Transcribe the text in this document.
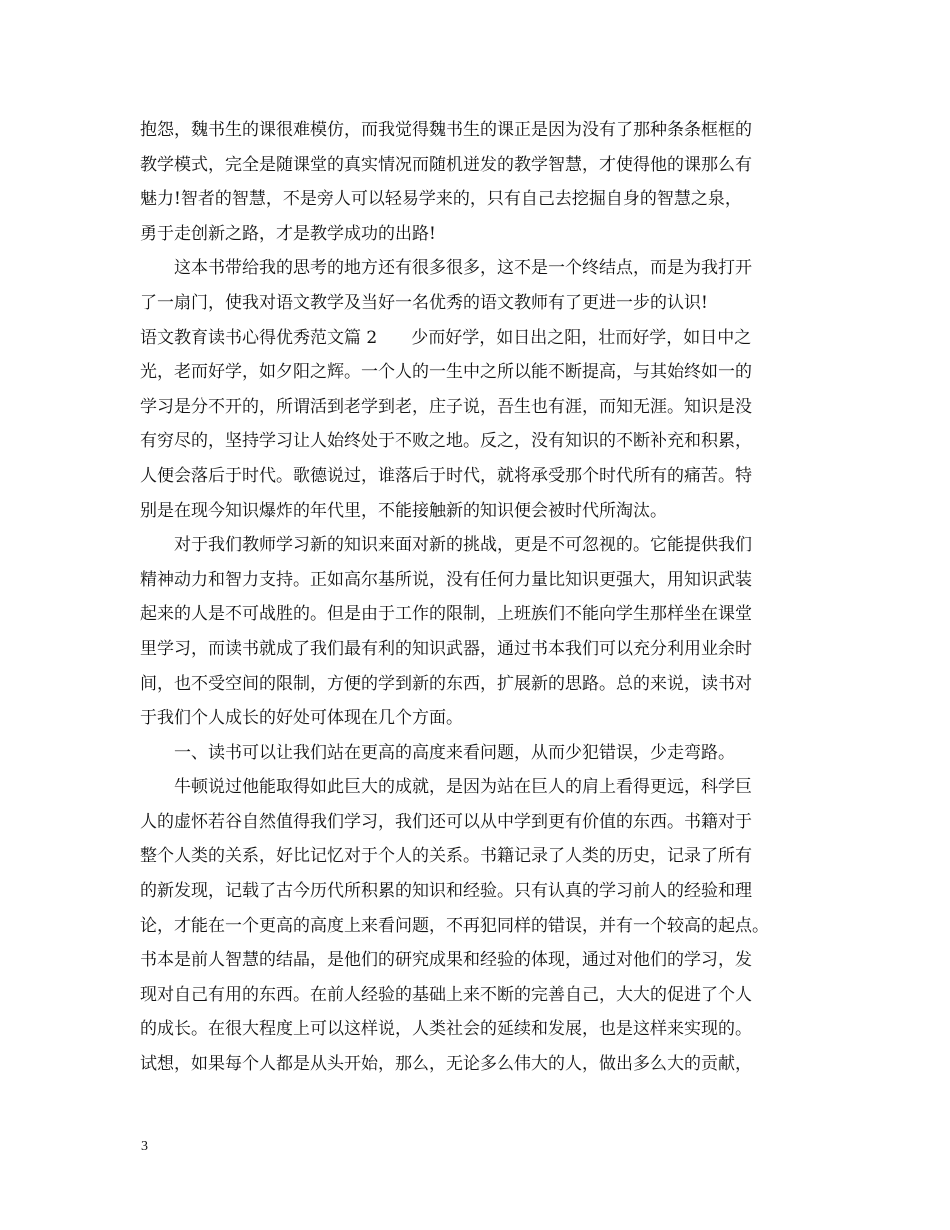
抱怨，魏书生的课很难模仿，而我觉得魏书生的课正是因为没有了那种条条框框的
教学模式，完全是随课堂的真实情况而随机迸发的教学智慧，才使得他的课那么有
魅力!智者的智慧，不是旁人可以轻易学来的，只有自己去挖掘自身的智慧之泉，
勇于走创新之路，才是教学成功的出路!
这本书带给我的思考的地方还有很多很多，这不是一个终结点，而是为我打开
了一扇门，使我对语文教学及当好一名优秀的语文教师有了更进一步的认识!
语文教育读书心得优秀范文篇 2 少而好学，如日出之阳，壮而好学，如日中之
光，老而好学，如夕阳之辉。一个人的一生中之所以能不断提高，与其始终如一的
学习是分不开的，所谓活到老学到老，庄子说，吾生也有涯，而知无涯。知识是没
有穷尽的，坚持学习让人始终处于不败之地。反之，没有知识的不断补充和积累，
人便会落后于时代。歌德说过，谁落后于时代，就将承受那个时代所有的痛苦。特
别是在现今知识爆炸的年代里，不能接触新的知识便会被时代所淘汰。
对于我们教师学习新的知识来面对新的挑战，更是不可忽视的。它能提供我们
精神动力和智力支持。正如高尔基所说，没有任何力量比知识更强大，用知识武装
起来的人是不可战胜的。但是由于工作的限制，上班族们不能向学生那样坐在课堂
里学习，而读书就成了我们最有利的知识武器，通过书本我们可以充分利用业余时
间，也不受空间的限制，方便的学到新的东西，扩展新的思路。总的来说，读书对
于我们个人成长的好处可体现在几个方面。
一、读书可以让我们站在更高的高度来看问题，从而少犯错误，少走弯路。
牛顿说过他能取得如此巨大的成就，是因为站在巨人的肩上看得更远，科学巨
人的虚怀若谷自然值得我们学习，我们还可以从中学到更有价值的东西。书籍对于
整个人类的关系，好比记忆对于个人的关系。书籍记录了人类的历史，记录了所有
的新发现，记载了古今历代所积累的知识和经验。只有认真的学习前人的经验和理
论，才能在一个更高的高度上来看问题，不再犯同样的错误，并有一个较高的起点。
书本是前人智慧的结晶，是他们的研究成果和经验的体现，通过对他们的学习，发
现对自己有用的东西。在前人经验的基础上来不断的完善自己，大大的促进了个人
的成长。在很大程度上可以这样说，人类社会的延续和发展，也是这样来实现的。
试想，如果每个人都是从头开始，那么，无论多么伟大的人，做出多么大的贡献，
3
